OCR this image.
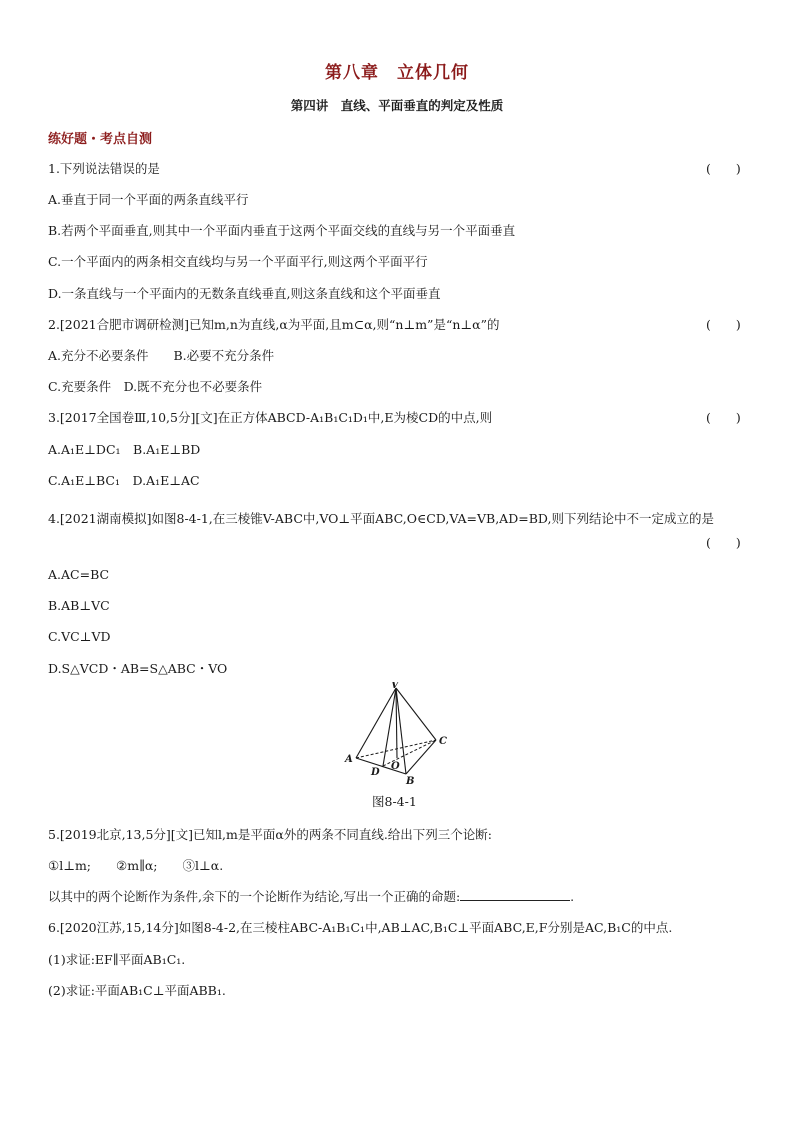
第八章　立体几何
第四讲　直线、平面垂直的判定及性质
练好题・考点自测
1.下列说法错误的是	(　　)
A.垂直于同一个平面的两条直线平行
B.若两个平面垂直,则其中一个平面内垂直于这两个平面交线的直线与另一个平面垂直
C.一个平面内的两条相交直线均与另一个平面平行,则这两个平面平行
D.一条直线与一个平面内的无数条直线垂直,则这条直线和这个平面垂直
2.[2021合肥市调研检测]已知m,n为直线,α为平面,且m⊂α,则“n⊥m”是“n⊥α”的	(　　)
A.充分不必要条件　　B.必要不充分条件
C.充要条件　D.既不充分也不必要条件
3.[2017全国卷Ⅲ,10,5分][文]在正方体ABCD-A₁B₁C₁D₁中,E为棱CD的中点,则	(　　)
A.A₁E⊥DC₁　B.A₁E⊥BD
C.A₁E⊥BC₁　D.A₁E⊥AC
4.[2021湖南模拟]如图8-4-1,在三棱锥V-ABC中,VO⊥平面ABC,O∈CD,VA=VB,AD=BD,则下列结论中不一定成立的是
(　　)
A.AC=BC
B.AB⊥VC
C.VC⊥VD
D.S△VCD・AB=S△ABC・VO
V
A
B
C
D
O
图8-4-1
5.[2019北京,13,5分][文]已知l,m是平面α外的两条不同直线.给出下列三个论断:
①l⊥m;　　②m∥α;　　③l⊥α.
以其中的两个论断作为条件,余下的一个论断作为结论,写出一个正确的命题:	.
6.[2020江苏,15,14分]如图8-4-2,在三棱柱ABC-A₁B₁C₁中,AB⊥AC,B₁C⊥平面ABC,E,F分别是AC,B₁C的中点.
(1)求证:EF∥平面AB₁C₁.
(2)求证:平面AB₁C⊥平面ABB₁.
